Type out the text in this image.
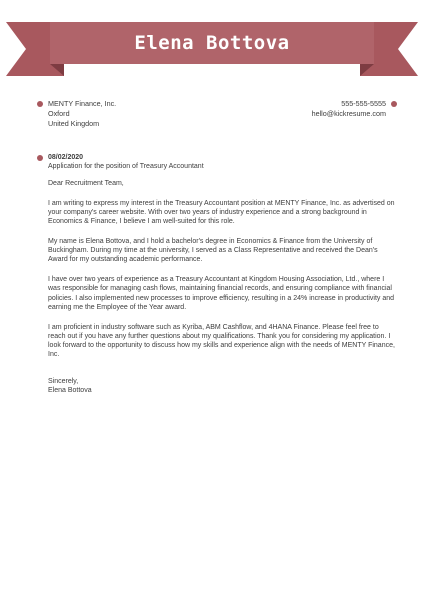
Elena Bottova
MENTY Finance, Inc.
Oxford
United Kingdom
555-555-5555
hello@kickresume.com
08/02/2020
Application for the position of Treasury Accountant

Dear Recruitment Team,

I am writing to express my interest in the Treasury Accountant position at MENTY Finance, Inc. as advertised on your company's career website. With over two years of industry experience and a strong background in Economics & Finance, I believe I am well-suited for this role.

My name is Elena Bottova, and I hold a bachelor's degree in Economics & Finance from the University of Buckingham. During my time at the university, I served as a Class Representative and received the Dean's Award for my outstanding academic performance.

I have over two years of experience as a Treasury Accountant at Kingdom Housing Association, Ltd., where I was responsible for managing cash flows, maintaining financial records, and ensuring compliance with financial policies. I also implemented new processes to improve efficiency, resulting in a 24% increase in productivity and earning me the Employee of the Year award.

I am proficient in industry software such as Kyriba, ABM Cashflow, and 4HANA Finance. Please feel free to reach out if you have any further questions about my qualifications. Thank you for considering my application. I look forward to the opportunity to discuss how my skills and experience align with the needs of MENTY Finance, Inc.

Sincerely,
Elena Bottova
